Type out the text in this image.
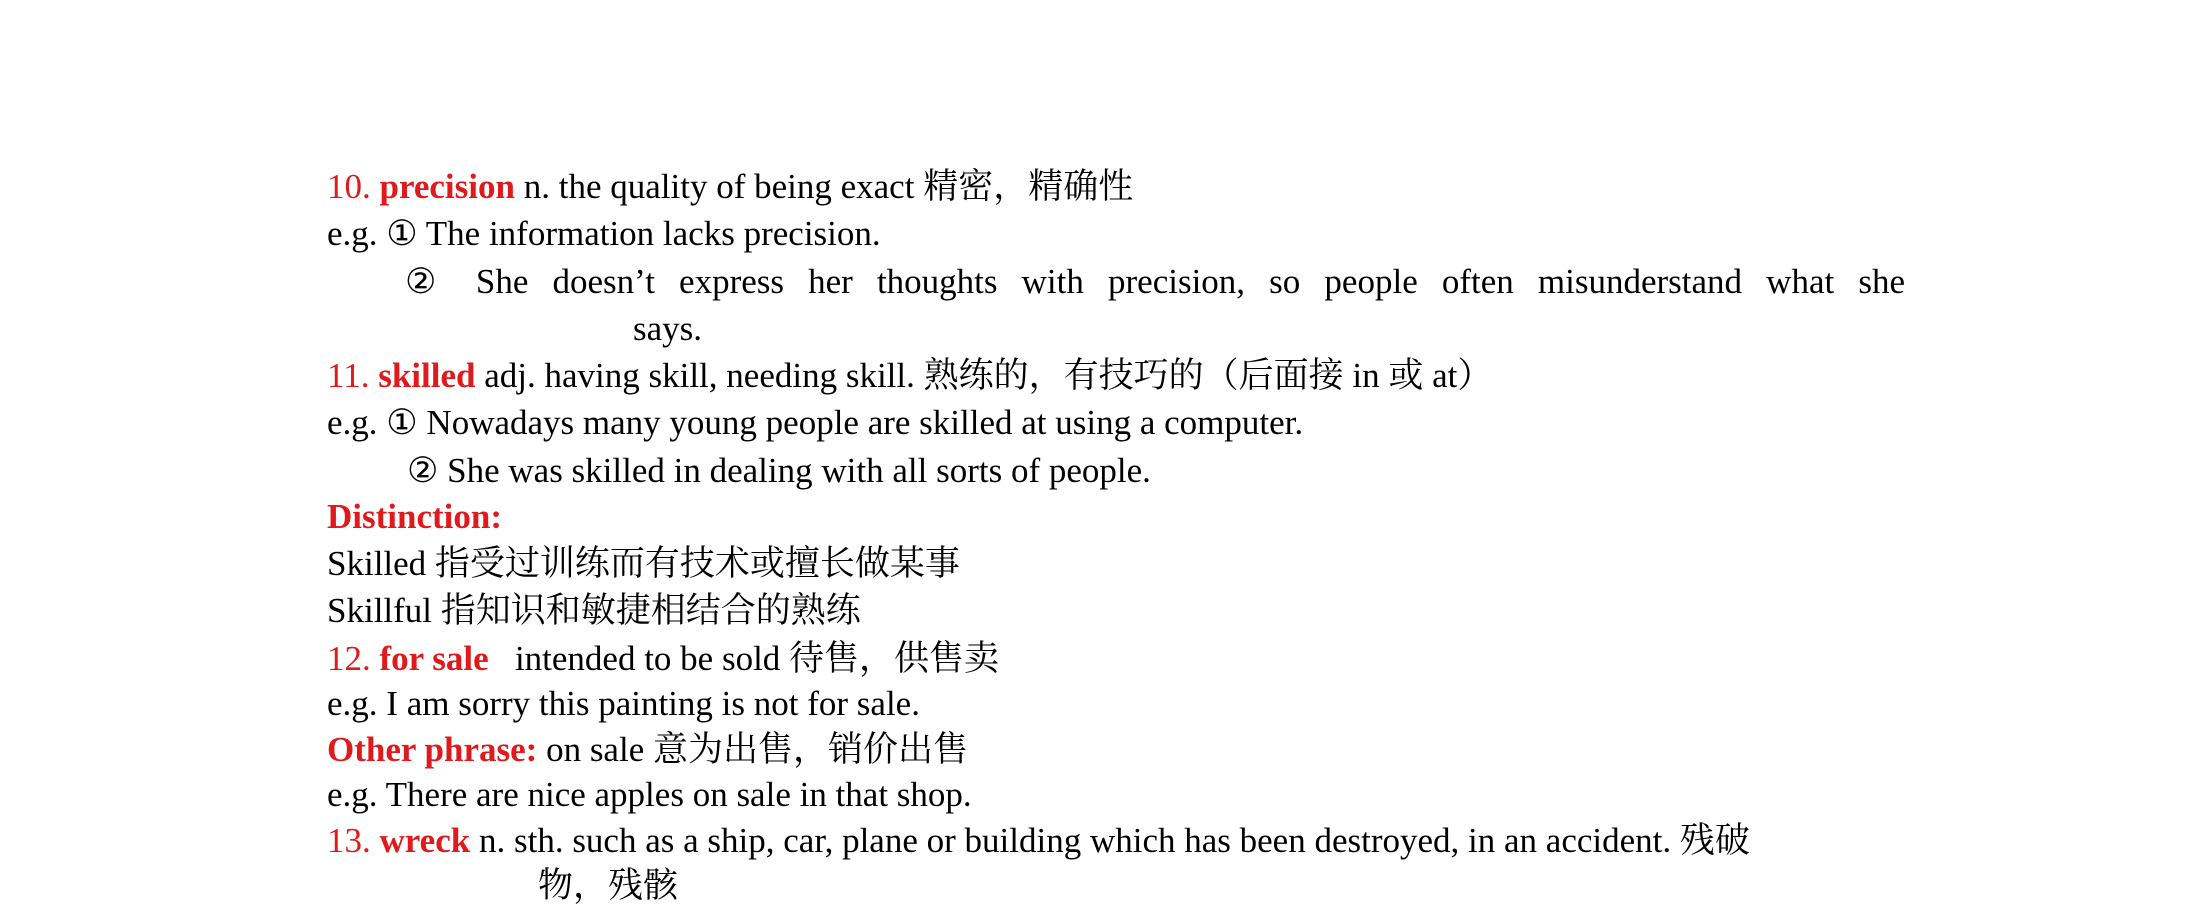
10. precision n. the quality of being exact 精密，精确性
e.g. ① The information lacks precision.
② She doesn’t express her thoughts with precision, so people often misunderstand what she
says.
11. skilled adj. having skill, needing skill. 熟练的，有技巧的（后面接 in 或 at）
e.g. ① Nowadays many young people are skilled at using a computer.
② She was skilled in dealing with all sorts of people.
Distinction:
Skilled 指受过训练而有技术或擅长做某事
Skillful 指知识和敏捷相结合的熟练
12. for sale   intended to be sold 待售，供售卖
e.g. I am sorry this painting is not for sale.
Other phrase: on sale 意为出售，销价出售
e.g. There are nice apples on sale in that shop.
13. wreck n. sth. such as a ship, car, plane or building which has been destroyed, in an accident. 残破
物，残骸
